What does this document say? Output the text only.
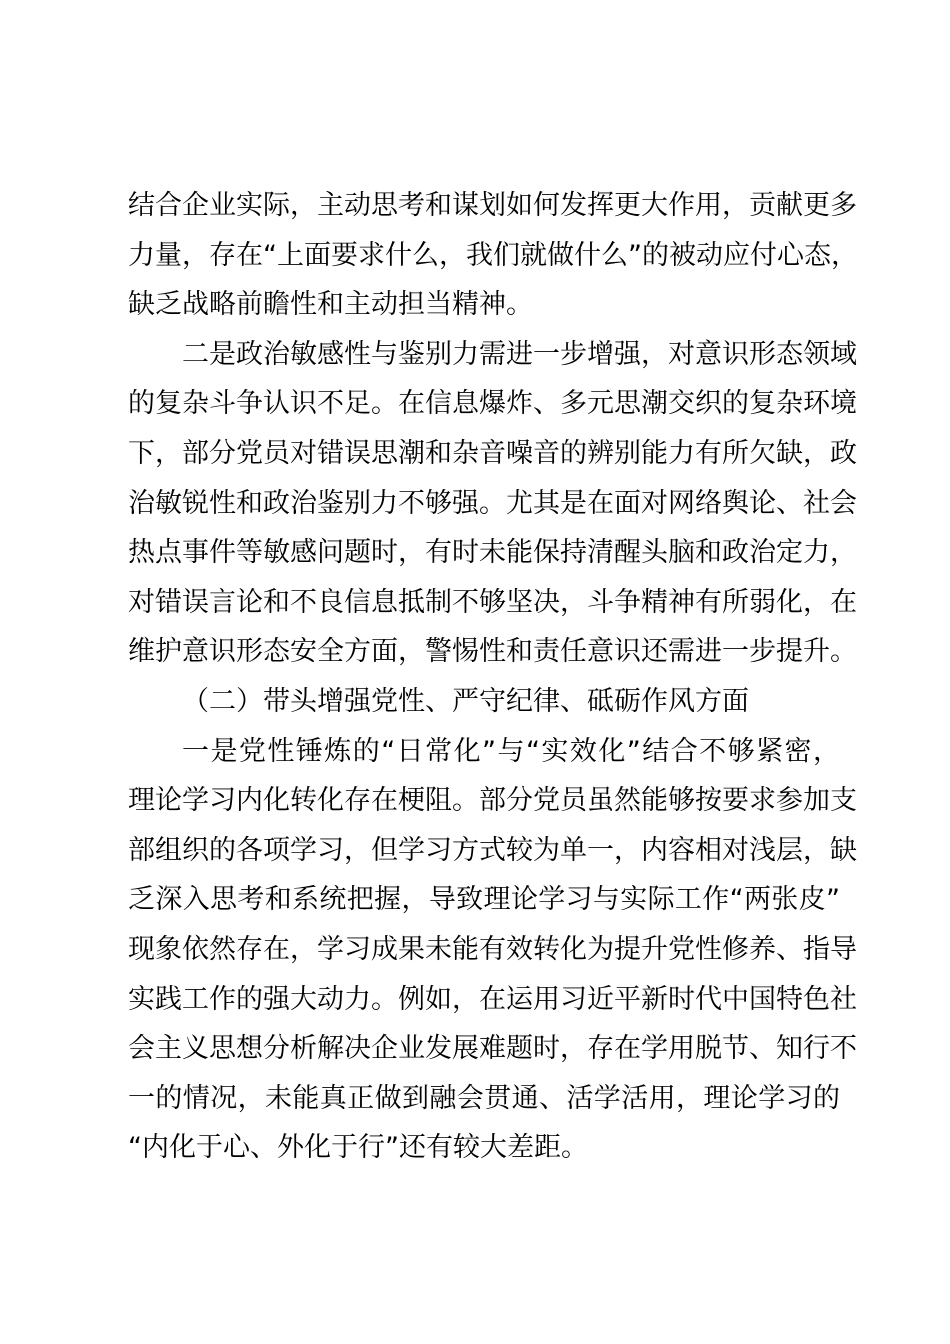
结合企业实际，主动思考和谋划如何发挥更大作用，贡献更多
力量，存在“上面要求什么，我们就做什么”的被动应付心态，
缺乏战略前瞻性和主动担当精神。
二是政治敏感性与鉴别力需进一步增强，对意识形态领域
的复杂斗争认识不足。在信息爆炸、多元思潮交织的复杂环境
下，部分党员对错误思潮和杂音噪音的辨别能力有所欠缺，政
治敏锐性和政治鉴别力不够强。尤其是在面对网络舆论、社会
热点事件等敏感问题时，有时未能保持清醒头脑和政治定力，
对错误言论和不良信息抵制不够坚决，斗争精神有所弱化，在
维护意识形态安全方面，警惕性和责任意识还需进一步提升。
（二）带头增强党性、严守纪律、砥砺作风方面
一是党性锤炼的“日常化”与“实效化”结合不够紧密，
理论学习内化转化存在梗阻。部分党员虽然能够按要求参加支
部组织的各项学习，但学习方式较为单一，内容相对浅层，缺
乏深入思考和系统把握，导致理论学习与实际工作“两张皮”
现象依然存在，学习成果未能有效转化为提升党性修养、指导
实践工作的强大动力。例如，在运用习近平新时代中国特色社
会主义思想分析解决企业发展难题时，存在学用脱节、知行不
一的情况，未能真正做到融会贯通、活学活用，理论学习的
“内化于心、外化于行”还有较大差距。
